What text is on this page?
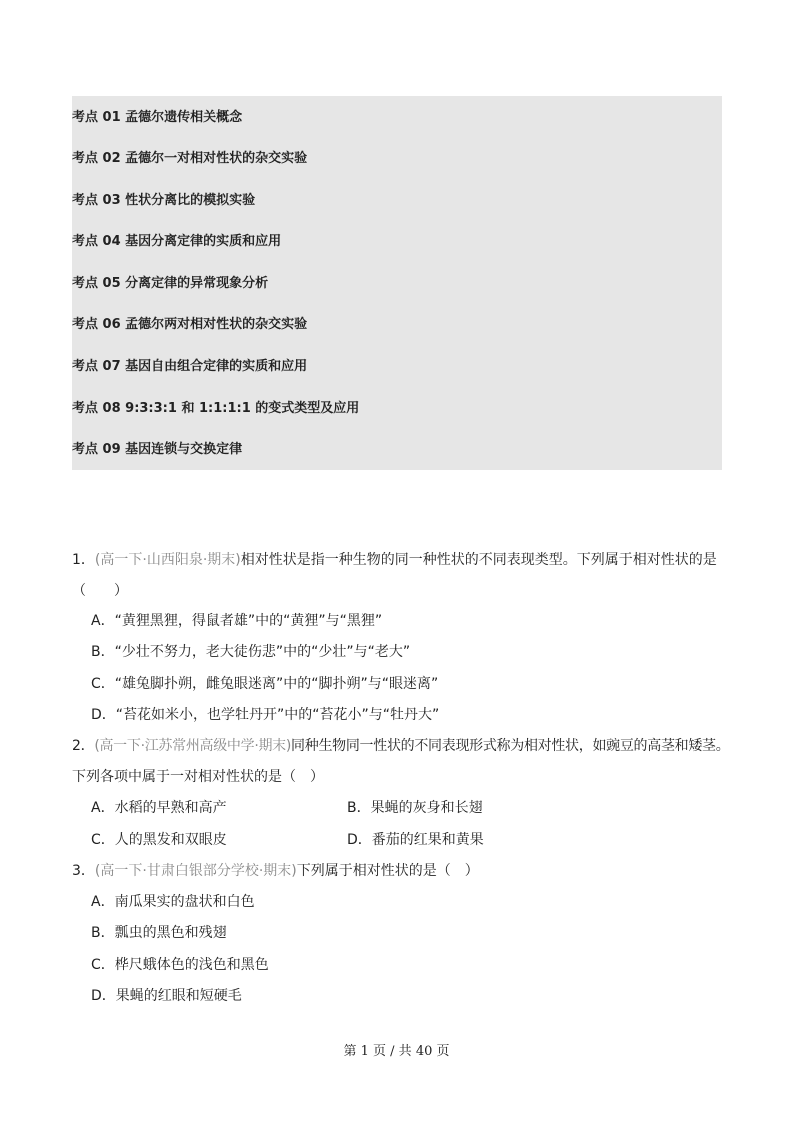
考点 01 孟德尔遗传相关概念
考点 02 孟德尔一对相对性状的杂交实验
考点 03 性状分离比的模拟实验
考点 04 基因分离定律的实质和应用
考点 05 分离定律的异常现象分析
考点 06 孟德尔两对相对性状的杂交实验
考点 07 基因自由组合定律的实质和应用
考点 08 9:3:3:1 和 1:1:1:1 的变式类型及应用
考点 09 基因连锁与交换定律
1．(高一下·山西阳泉·期末)相对性状是指一种生物的同一种性状的不同表现类型。下列属于相对性状的是
（　　）
A．“黄狸黑狸，得鼠者雄”中的“黄狸”与“黑狸”
B．“少壮不努力，老大徒伤悲”中的“少壮”与“老大”
C．“雄兔脚扑朔，雌兔眼迷离”中的“脚扑朔”与“眼迷离”
D．“苔花如米小，也学牡丹开”中的“苔花小”与“牡丹大”
2．(高一下·江苏常州高级中学·期末)同种生物同一性状的不同表现形式称为相对性状，如豌豆的高茎和矮茎。
下列各项中属于一对相对性状的是（　）
A．水稻的早熟和高产	B．果蝇的灰身和长翅
C．人的黑发和双眼皮	D．番茄的红果和黄果
3．(高一下·甘肃白银部分学校·期末)下列属于相对性状的是（　）
A．南瓜果实的盘状和白色
B．瓢虫的黑色和残翅
C．桦尺蛾体色的浅色和黑色
D．果蝇的红眼和短硬毛
第 1 页 / 共 40 页
